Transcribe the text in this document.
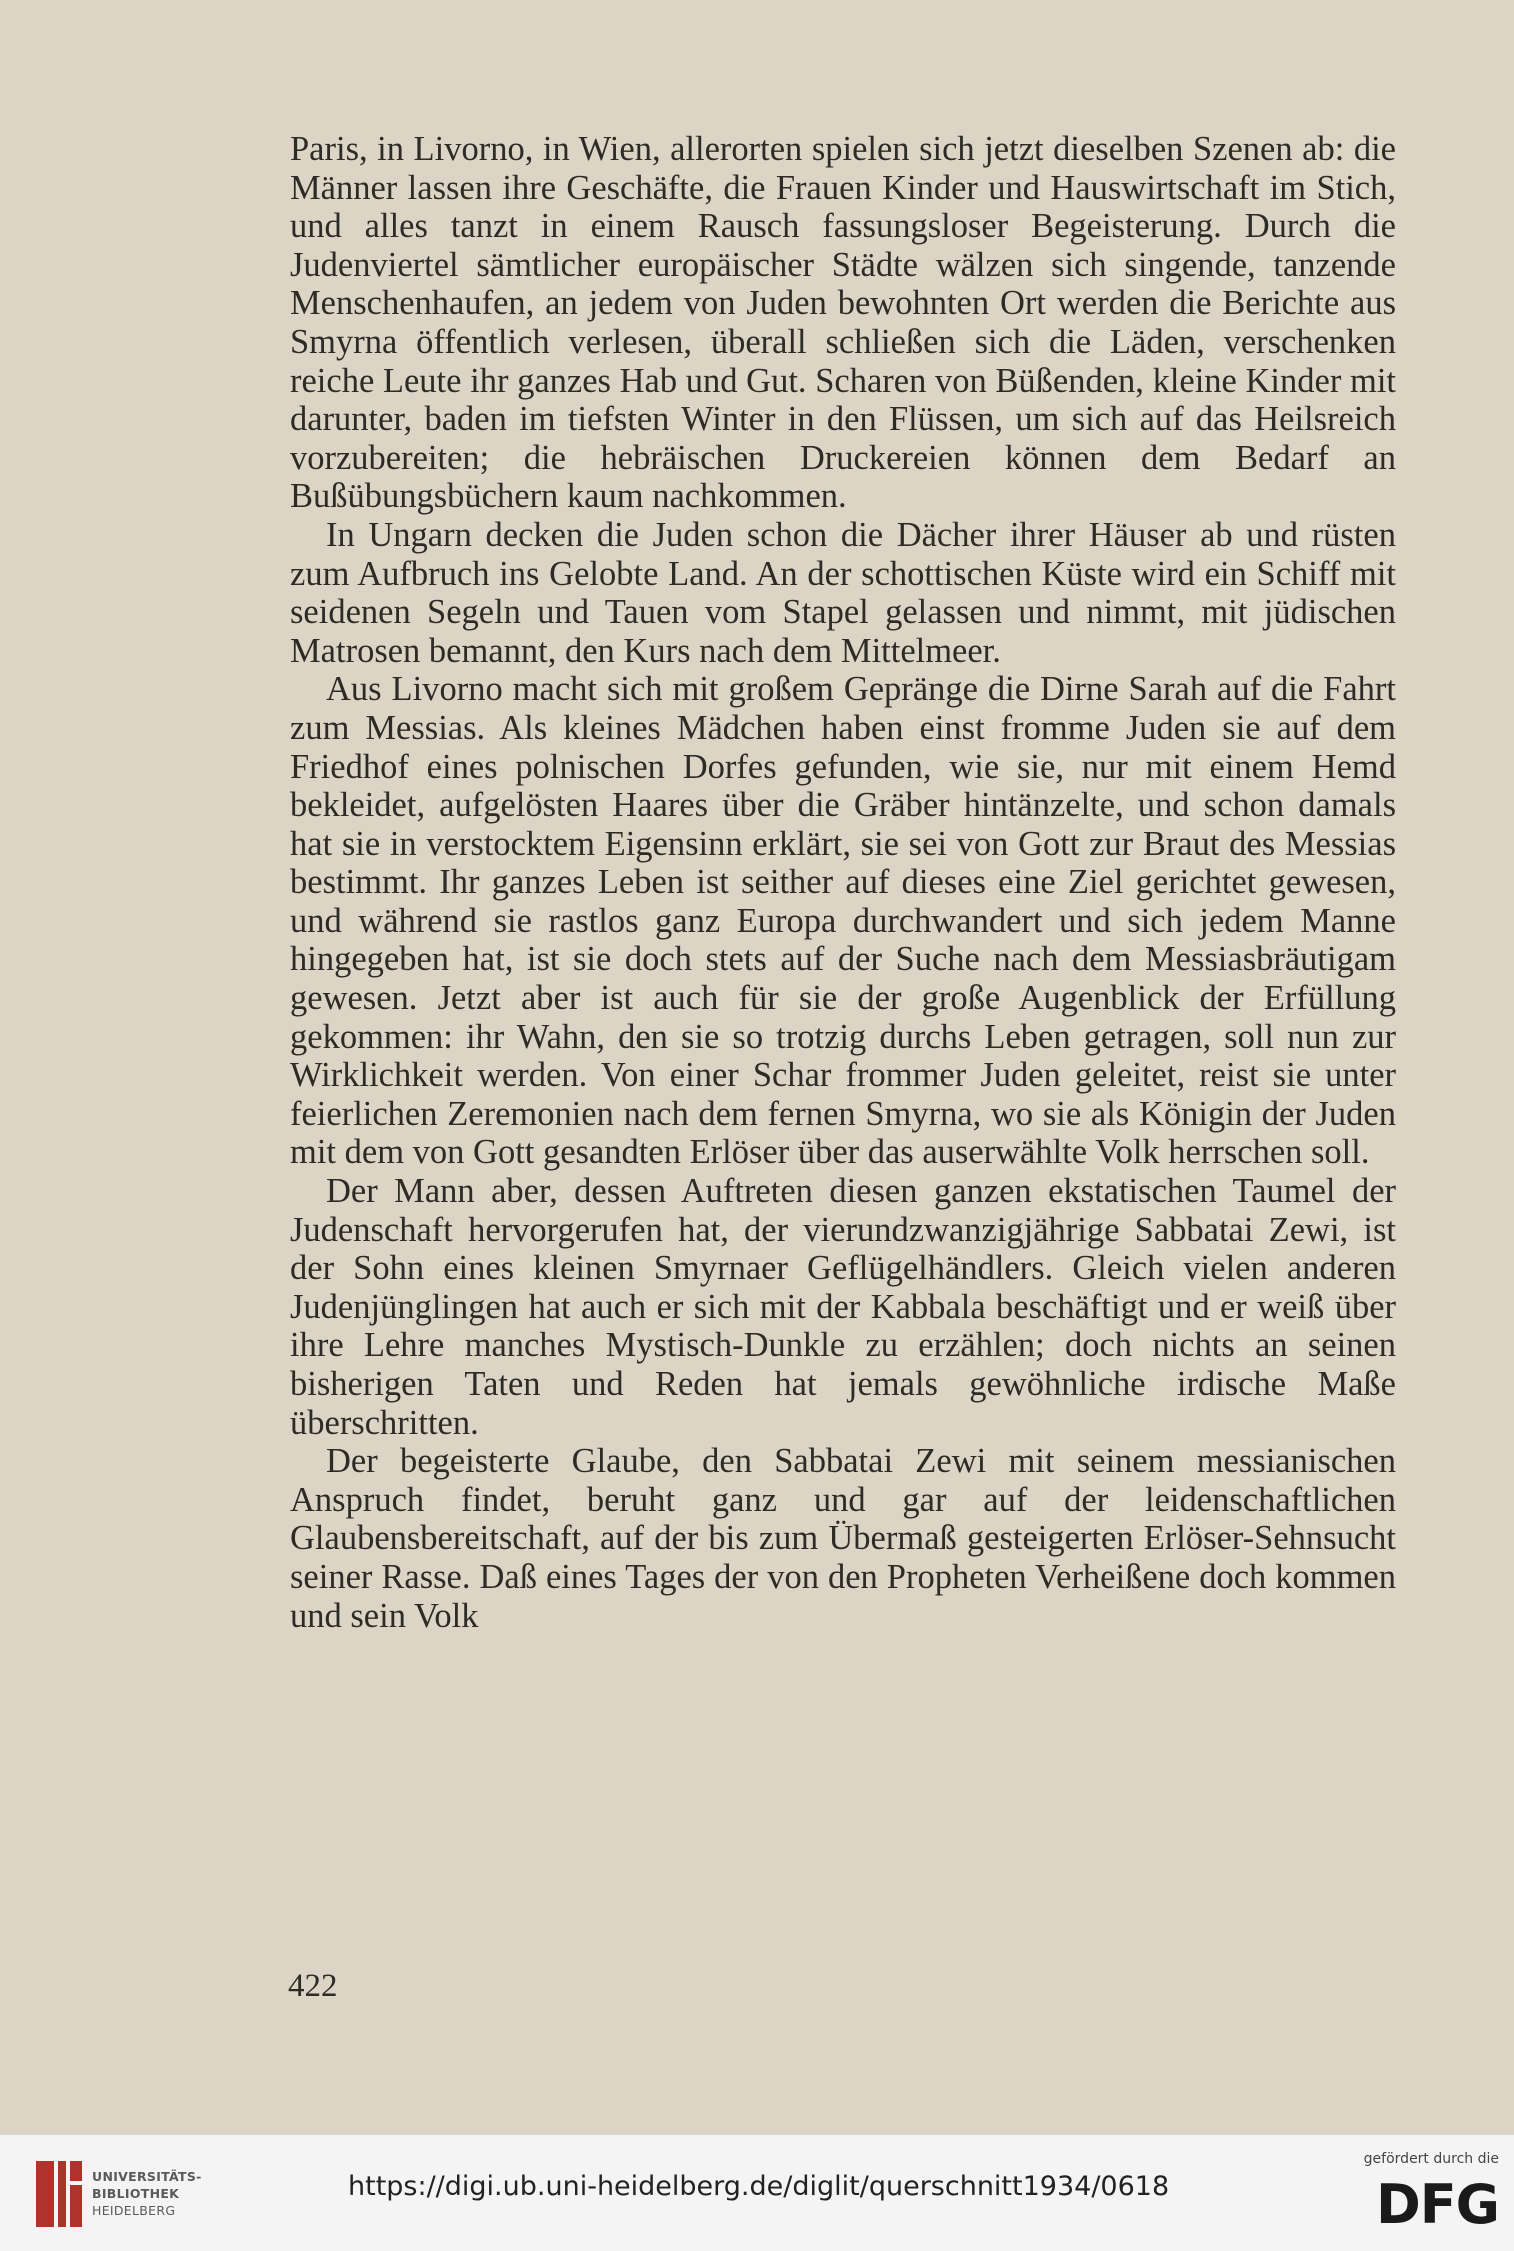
Paris, in Livorno, in Wien, allerorten spielen sich jetzt dieselben Szenen ab: die Männer lassen ihre Geschäfte, die Frauen Kinder und Hauswirtschaft im Stich, und alles tanzt in einem Rausch fassungsloser Begeisterung. Durch die Judenviertel sämtlicher europäischer Städte wälzen sich singende, tanzende Menschenhaufen, an jedem von Juden bewohnten Ort werden die Berichte aus Smyrna öffentlich verlesen, überall schließen sich die Läden, verschenken reiche Leute ihr ganzes Hab und Gut. Scharen von Büßenden, kleine Kinder mit darunter, baden im tiefsten Winter in den Flüssen, um sich auf das Heilsreich vorzubereiten; die hebräischen Druckereien können dem Bedarf an Bußübungsbüchern kaum nachkommen.

In Ungarn decken die Juden schon die Dächer ihrer Häuser ab und rüsten zum Aufbruch ins Gelobte Land. An der schottischen Küste wird ein Schiff mit seidenen Segeln und Tauen vom Stapel gelassen und nimmt, mit jüdischen Matrosen bemannt, den Kurs nach dem Mittelmeer.

Aus Livorno macht sich mit großem Gepränge die Dirne Sarah auf die Fahrt zum Messias. Als kleines Mädchen haben einst fromme Juden sie auf dem Friedhof eines polnischen Dorfes gefunden, wie sie, nur mit einem Hemd bekleidet, aufgelösten Haares über die Gräber hintänzelte, und schon damals hat sie in verstocktem Eigensinn erklärt, sie sei von Gott zur Braut des Messias bestimmt. Ihr ganzes Leben ist seither auf dieses eine Ziel gerichtet gewesen, und während sie rastlos ganz Europa durchwandert und sich jedem Manne hingegeben hat, ist sie doch stets auf der Suche nach dem Messiasbräutigam gewesen. Jetzt aber ist auch für sie der große Augenblick der Erfüllung gekommen: ihr Wahn, den sie so trotzig durchs Leben getragen, soll nun zur Wirklichkeit werden. Von einer Schar frommer Juden geleitet, reist sie unter feierlichen Zeremonien nach dem fernen Smyrna, wo sie als Königin der Juden mit dem von Gott gesandten Erlöser über das auserwählte Volk herrschen soll.

Der Mann aber, dessen Auftreten diesen ganzen ekstatischen Taumel der Judenschaft hervorgerufen hat, der vierundzwanzigjährige Sabbatai Zewi, ist der Sohn eines kleinen Smyrnaer Geflügelhändlers. Gleich vielen anderen Judenjünglingen hat auch er sich mit der Kabbala beschäftigt und er weiß über ihre Lehre manches Mystisch-Dunkle zu erzählen; doch nichts an seinen bisherigen Taten und Reden hat jemals gewöhnliche irdische Maße überschritten.

Der begeisterte Glaube, den Sabbatai Zewi mit seinem messianischen Anspruch findet, beruht ganz und gar auf der leidenschaftlichen Glaubensbereitschaft, auf der bis zum Übermaß gesteigerten Erlöser-Sehnsucht seiner Rasse. Daß eines Tages der von den Propheten Verheißene doch kommen und sein Volk

422
UNIVERSITÄTS-
BIBLIOTHEK
HEIDELBERG
https://digi.ub.uni-heidelberg.de/diglit/querschnitt1934/0618
gefördert durch die
DFG
